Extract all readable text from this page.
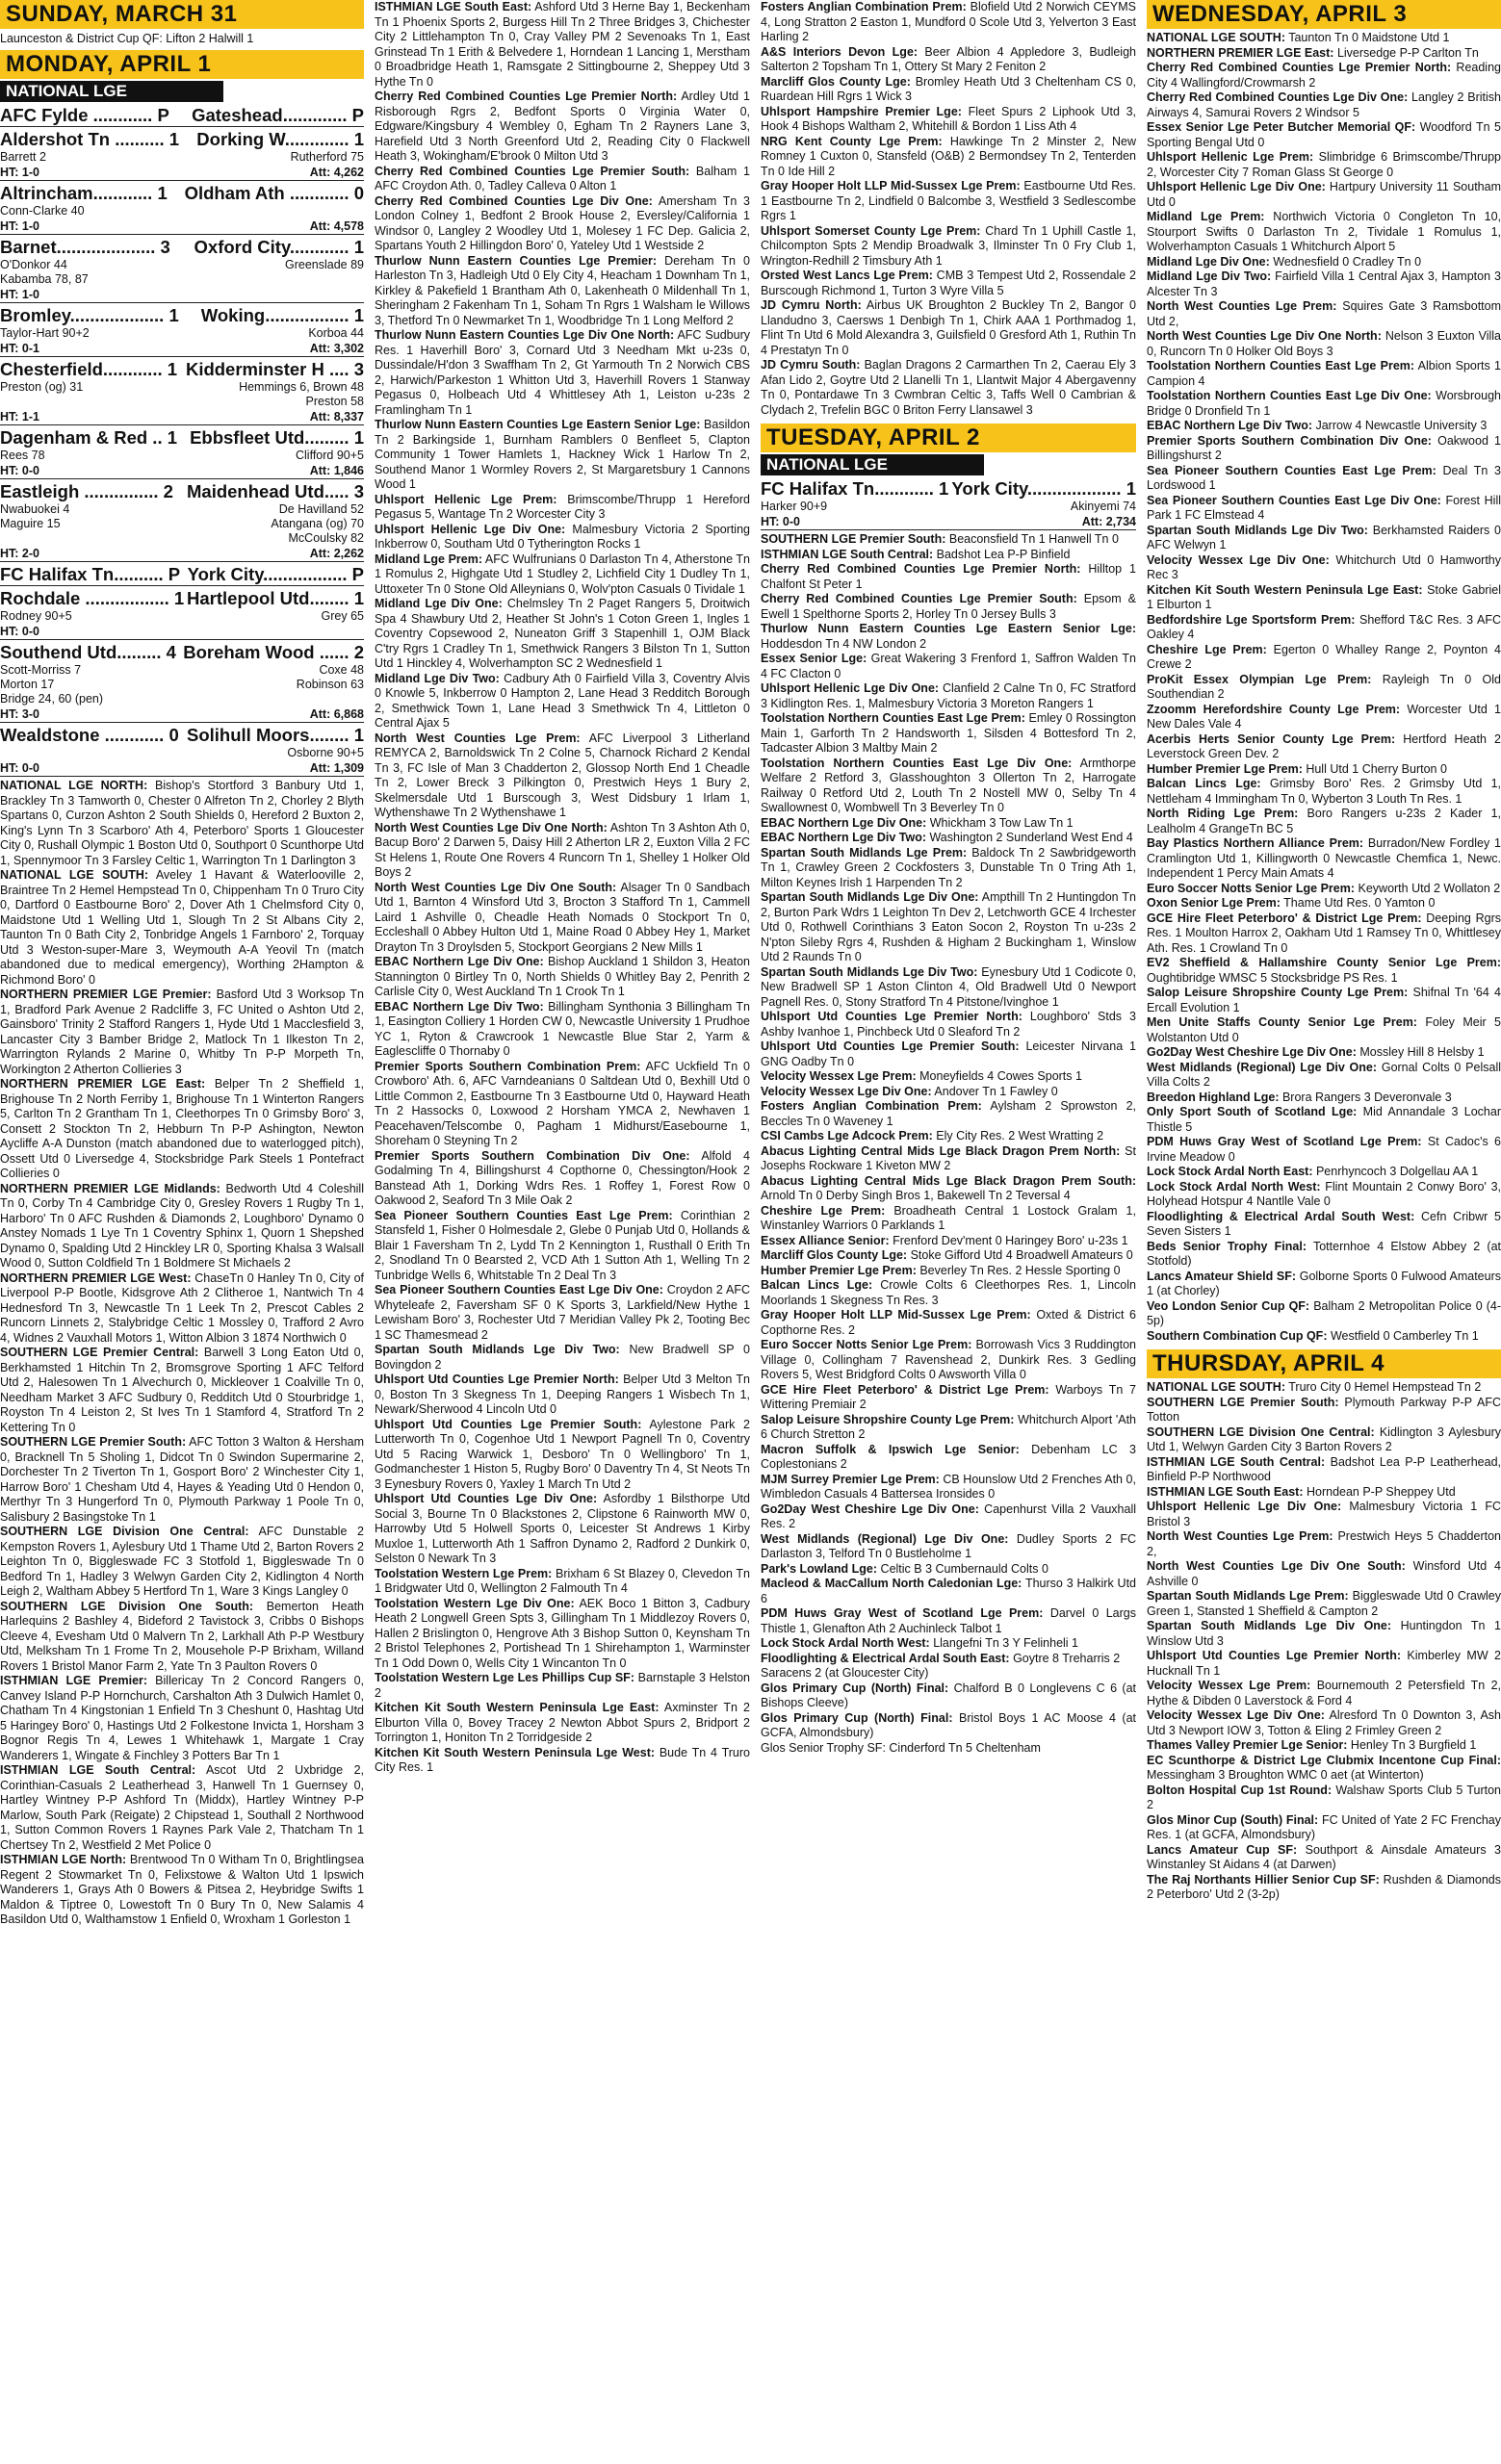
SUNDAY, MARCH 31
Launceston & District Cup QF: Lifton 2 Halwill 1
MONDAY, APRIL 1
NATIONAL LGE
AFC Fylde ............ P Gateshead............. P
Aldershot Tn .......... 1 Dorking W............. 1
Barrett 2	Rutherford 75
HT: 1-0	Att: 4,262
Altrincham............ 1 Oldham Ath ............ 0
Conn-Clarke 40
HT: 1-0	Att: 4,578
Barnet.................... 3 Oxford City............ 1
O'Donkor 44
Kabamba 78, 87
Greenslade 89
HT: 1-0
Bromley................... 1 Woking................. 1
Taylor-Hart 90+2	Korboa 44
HT: 0-1	Att: 3,302
Chesterfield............ 1 Kidderminster H .... 3
Preston (og) 31	Hemmings 6, Brown 48
Preston 58
HT: 1-1	Att: 8,337
Dagenham & Red .. 1 Ebbsfleet Utd......... 1
Rees 78	Clifford 90+5
HT: 0-0	Att: 1,846
Eastleigh ............... 2 Maidenhead Utd..... 3
Nwabuokei 4
Maguire 15
De Havilland 52
Atangana (og) 70
McCoulsky 82
HT: 2-0	Att: 2,262
FC Halifax Tn.......... P York City................. P
Rochdale ................. 1 Hartlepool Utd........ 1
Rodney 90+5	Grey 65
HT: 0-0
Southend Utd......... 4 Boreham Wood ...... 2
Scott-Morriss 7
Morton 17
Bridge 24, 60 (pen)
Coxe 48
Robinson 63
HT: 3-0	Att: 6,868
Wealdstone ............ 0 Solihull Moors........ 1
Osborne 90+5
HT: 0-0	Att: 1,309

NATIONAL LGE NORTH: Bishop's Stortford 3 Banbury Utd 1, Brackley Tn 3 Tamworth 0, Chester 0 Alfreton Tn 2, Chorley 2 Blyth Spartans 0, Curzon Ashton 2 South Shields 0, Hereford 2 Buxton 2, King's Lynn Tn 3 Scarboro' Ath 4, Peterboro' Sports 1 Gloucester City 0, Rushall Olympic 1 Boston Utd 0, Southport 0 Scunthorpe Utd 1, Spennymoor Tn 3 Farsley Celtic 1, Warrington Tn 1 Darlington 3

NATIONAL LGE SOUTH: Aveley 1 Havant & Waterlooville 2, Braintree Tn 2 Hemel Hempstead Tn 0, Chippenham Tn 0 Truro City 0, Dartford 0 Eastbourne Boro' 2, Dover Ath 1 Chelmsford City 0, Maidstone Utd 1 Welling Utd 1, Slough Tn 2 St Albans City 2, Taunton Tn 0 Bath City 2, Tonbridge Angels 1 Farnboro' 2, Torquay Utd 3 Weston-super-Mare 3, Weymouth A-A Yeovil Tn (match abandoned due to medical emergency), Worthing 2Hampton & Richmond Boro' 0

NORTHERN PREMIER LGE Premier: Basford Utd 3 Worksop Tn 1, Bradford Park Avenue 2 Radcliffe 3, FC United o Ashton Utd 2, Gainsboro' Trinity 2 Stafford Rangers 1, Hyde Utd 1 Macclesfield 3, Lancaster City 3 Bamber Bridge 2, Matlock Tn 1 Ilkeston Tn 2, Warrington Rylands 2 Marine 0, Whitby Tn P-P Morpeth Tn, Workington 2 Atherton Collieries 3

NORTHERN PREMIER LGE East: Belper Tn 2 Sheffield 1, Brighouse Tn 2 North Ferriby 1, Brighouse Tn 1 Winterton Rangers 5, Carlton Tn 2 Grantham Tn 1, Cleethorpes Tn 0 Grimsby Boro' 3, Consett 2 Stockton Tn 2, Hebburn Tn P-P Ashington, Newton Aycliffe A-A Dunston (match abandoned due to waterlogged pitch), Ossett Utd 0 Liversedge 4, Stocksbridge Park Steels 1 Pontefract Collieries 0

NORTHERN PREMIER LGE Midlands: Bedworth Utd 4 Coleshill Tn 0, Corby Tn 4 Cambridge City 0, Gresley Rovers 1 Rugby Tn 1, Harboro' Tn 0 AFC Rushden & Diamonds 2, Loughboro' Dynamo 0 Anstey Nomads 1 Lye Tn 1 Coventry Sphinx 1, Quorn 1 Shepshed Dynamo 0, Spalding Utd 2 Hinckley LR 0, Sporting Khalsa 3 Walsall Wood 0, Sutton Coldfield Tn 1 Boldmere St Michaels 2

NORTHERN PREMIER LGE West: ChaseTn 0 Hanley Tn 0, City of Liverpool P-P Bootle, Kidsgrove Ath 2 Clitheroe 1, Nantwich Tn 4 Hednesford Tn 3, Newcastle Tn 1 Leek Tn 2, Prescot Cables 2 Runcorn Linnets 2, Stalybridge Celtic 1 Mossley 0, Trafford 2 Avro 4, Widnes 2 Vauxhall Motors 1, Witton Albion 3 1874 Northwich 0

SOUTHERN LGE Premier Central: Barwell 3 Long Eaton Utd 0, Berkhamsted 1 Hitchin Tn 2, Bromsgrove Sporting 1 AFC Telford Utd 2, Halesowen Tn 1 Alvechurch 0, Mickleover 1 Coalville Tn 0, Needham Market 3 AFC Sudbury 0, Redditch Utd 0 Stourbridge 1, Royston Tn 4 Leiston 2, St Ives Tn 1 Stamford 4, Stratford Tn 2 Kettering Tn 0

SOUTHERN LGE Premier South: AFC Totton 3 Walton & Hersham 0, Bracknell Tn 5 Sholing 1, Didcot Tn 0 Swindon Supermarine 2, Dorchester Tn 2 Tiverton Tn 1, Gosport Boro' 2 Winchester City 1, Harrow Boro' 1 Chesham Utd 4, Hayes & Yeading Utd 0 Hendon 0, Merthyr Tn 3 Hungerford Tn 0, Plymouth Parkway 1 Poole Tn 0, Salisbury 2 Basingstoke Tn 1

SOUTHERN LGE Division One Central: AFC Dunstable 2 Kempston Rovers 1, Aylesbury Utd 1 Thame Utd 2, Barton Rovers 2 Leighton Tn 0, Biggleswade FC 3 Stotfold 1, Biggleswade Tn 0 Bedford Tn 1, Hadley 3 Welwyn Garden City 2, Kidlington 4 North Leigh 2, Waltham Abbey 5 Hertford Tn 1, Ware 3 Kings Langley 0

SOUTHERN LGE Division One South: Bemerton Heath Harlequins 2 Bashley 4, Bideford 2 Tavistock 3, Cribbs 0 Bishops Cleeve 4, Evesham Utd 0 Malvern Tn 2, Larkhall Ath P-P Westbury Utd, Melksham Tn 1 Frome Tn 2, Mousehole P-P Brixham, Willand Rovers 1 Bristol Manor Farm 2, Yate Tn 3 Paulton Rovers 0

ISTHMIAN LGE Premier: Billericay Tn 2 Concord Rangers 0, Canvey Island P-P Hornchurch, Carshalton Ath 3 Dulwich Hamlet 0, Chatham Tn 4 Kingstonian 1 Enfield Tn 3 Cheshunt 0, Hashtag Utd 5 Haringey Boro' 0, Hastings Utd 2 Folkestone Invicta 1, Horsham 3 Bognor Regis Tn 4, Lewes 1 Whitehawk 1, Margate 1 Cray Wanderers 1, Wingate & Finchley 3 Potters Bar Tn 1

ISTHMIAN LGE South Central: Ascot Utd 2 Uxbridge 2, Corinthian-Casuals 2 Leatherhead 3, Hanwell Tn 1 Guernsey 0, Hartley Wintney P-P Ashford Tn (Middx), Hartley Wintney P-P Marlow, South Park (Reigate) 2 Chipstead 1, Southall 2 Northwood 1, Sutton Common Rovers 1 Raynes Park Vale 2, Thatcham Tn 1 Chertsey Tn 2, Westfield 2 Met Police 0

ISTHMIAN LGE North: Brentwood Tn 0 Witham Tn 0, Brightlingsea Regent 2 Stowmarket Tn 0, Felixstowe & Walton Utd 1 Ipswich Wanderers 1, Grays Ath 0 Bowers & Pitsea 2, Heybridge Swifts 1 Maldon & Tiptree 0, Lowestoft Tn 0 Bury Tn 0, New Salamis 4 Basildon Utd 0, Walthamstow 1 Enfield 0, Wroxham 1 Gorleston 1

ISTHMIAN LGE South East: Ashford Utd 3 Herne Bay 1, Beckenham Tn 1 Phoenix Sports 2, Burgess Hill Tn 2 Three Bridges 3, Chichester City 2 Littlehampton Tn 0, Cray Valley PM 2 Sevenoaks Tn 1, East Grinstead Tn 1 Erith & Belvedere 1, Horndean 1 Lancing 1, Merstham 0 Broadbridge Heath 1, Ramsgate 2 Sittingbourne 2, Sheppey Utd 3 Hythe Tn 0

Cherry Red Combined Counties Lge Premier North: Ardley Utd 1 Risborough Rgrs 2, Bedfont Sports 0 Virginia Water 0, Edgware/Kingsbury 4 Wembley 0, Egham Tn 2 Rayners Lane 3, Harefield Utd 3 North Greenford Utd 2, Reading City 0 Flackwell Heath 3, Wokingham/E'brook 0 Milton Utd 3

Cherry Red Combined Counties Lge Premier South: Balham 1 AFC Croydon Ath. 0, Tadley Calleva 0 Alton 1

Cherry Red Combined Counties Lge Div One: Amersham Tn 3 London Colney 1, Bedfont 2 Brook House 2, Eversley/California 1 Windsor 0, Langley 2 Woodley Utd 1, Molesey 1 FC Dep. Galicia 2, Spartans Youth 2 Hillingdon Boro' 0, Yateley Utd 1 Westside 2

Thurlow Nunn Eastern Counties Lge Premier: Dereham Tn 0 Harleston Tn 3, Hadleigh Utd 0 Ely City 4, Heacham 1 Downham Tn 1, Kirkley & Pakefield 1 Brantham Ath 0, Lakenheath 0 Mildenhall Tn 1, Sheringham 2 Fakenham Tn 1, Soham Tn Rgrs 1 Walsham le Willows 3, Thetford Tn 0 Newmarket Tn 1, Woodbridge Tn 1 Long Melford 2

Thurlow Nunn Eastern Counties Lge Div One North: AFC Sudbury Res. 1 Haverhill Boro' 3, Cornard Utd 3 Needham Mkt u-23s 0, Dussindale/H'don 3 Swaffham Tn 2, Gt Yarmouth Tn 2 Norwich CBS 2, Harwich/Parkeston 1 Whitton Utd 3, Haverhill Rovers 1 Stanway Pegasus 0, Holbeach Utd 4 Whittlesey Ath 1, Leiston u-23s 2 Framlingham Tn 1

Thurlow Nunn Eastern Counties Lge Eastern Senior Lge: Basildon Tn 2 Barkingside 1, Burnham Ramblers 0 Benfleet 5, Clapton Community 1 Tower Hamlets 1, Hackney Wick 1 Harlow Tn 2, Southend Manor 1 Wormley Rovers 2, St Margaretsbury 1 Cannons Wood 1

Uhlsport Hellenic Lge Prem: Brimscombe/Thrupp 1 Hereford Pegasus 5, Wantage Tn 2 Worcester City 3

Uhlsport Hellenic Lge Div One: Malmesbury Victoria 2 Sporting Inkberrow 0, Southam Utd 0 Tytherington Rocks 1

Midland Lge Prem: AFC Wulfrunians 0 Darlaston Tn 4, Atherstone Tn 1 Romulus 2, Highgate Utd 1 Studley 2, Lichfield City 1 Dudley Tn 1, Uttoxeter Tn 0 Stone Old Alleynians 0, Wolv'pton Casuals 0 Tividale 1

Midland Lge Div One: Chelmsley Tn 2 Paget Rangers 5, Droitwich Spa 4 Shawbury Utd 2, Heather St John's 1 Coton Green 1, Ingles 1 Coventry Copsewood 2, Nuneaton Griff 3 Stapenhill 1, OJM Black C'try Rgrs 1 Cradley Tn 1, Smethwick Rangers 3 Bilston Tn 1, Sutton Utd 1 Hinckley 4, Wolverhampton SC 2 Wednesfield 1

Midland Lge Div Two: Cadbury Ath 0 Fairfield Villa 3, Coventry Alvis 0 Knowle 5, Inkberrow 0 Hampton 2, Lane Head 3 Redditch Borough 2, Smethwick Town 1, Lane Head 3 Smethwick Tn 4, Littleton 0 Central Ajax 5

North West Counties Lge Prem: AFC Liverpool 3 Litherland REMYCA 2, Barnoldswick Tn 2 Colne 5, Charnock Richard 2 Kendal Tn 3, FC Isle of Man 3 Chadderton 2, Glossop North End 1 Cheadle Tn 2, Lower Breck 3 Pilkington 0, Prestwich Heys 1 Bury 2, Skelmersdale Utd 1 Burscough 3, West Didsbury 1 Irlam 1, Wythenshawe Tn 2 Wythenshawe 1

North West Counties Lge Div One North: Ashton Tn 3 Ashton Ath 0, Bacup Boro' 2 Darwen 5, Daisy Hill 2 Atherton LR 2, Euxton Villa 2 FC St Helens 1, Route One Rovers 4 Runcorn Tn 1, Shelley 1 Holker Old Boys 2

North West Counties Lge Div One South: Alsager Tn 0 Sandbach Utd 1, Barnton 4 Winsford Utd 3, Brocton 3 Stafford Tn 1, Cammell Laird 1 Ashville 0, Cheadle Heath Nomads 0 Stockport Tn 0, Eccleshall 0 Abbey Hulton Utd 1, Maine Road 0 Abbey Hey 1, Market Drayton Tn 3 Droylsden 5, Stockport Georgians 2 New Mills 1

EBAC Northern Lge Div One: Bishop Auckland 1 Shildon 3, Heaton Stannington 0 Birtley Tn 0, North Shields 0 Whitley Bay 2, Penrith 2 Carlisle City 0, West Auckland Tn 1 Crook Tn 1

EBAC Northern Lge Div Two: Billingham Synthonia 3 Billingham Tn 1, Easington Colliery 1 Horden CW 0, Newcastle University 1 Prudhoe YC 1, Ryton & Crawcrook 1 Newcastle Blue Star 2, Yarm & Eaglescliffe 0 Thornaby 0

Premier Sports Southern Combination Prem: AFC Uckfield Tn 0 Crowboro' Ath. 6, AFC Varndeanians 0 Saltdean Utd 0, Bexhill Utd 0 Little Common 2, Eastbourne Tn 3 Eastbourne Utd 0, Hayward Heath Tn 2 Hassocks 0, Loxwood 2 Horsham YMCA 2, Newhaven 1 Peacehaven/Telscombe 0, Pagham 1 Midhurst/Easebourne 1, Shoreham 0 Steyning Tn 2

Premier Sports Southern Combination Div One: Alfold 4 Godalming Tn 4, Billingshurst 4 Copthorne 0, Chessington/Hook 2 Banstead Ath 1, Dorking Wdrs Res. 1 Roffey 1, Forest Row 0 Oakwood 2, Seaford Tn 3 Mile Oak 2

Sea Pioneer Southern Counties East Lge Prem: Corinthian 2 Stansfeld 1, Fisher 0 Holmesdale 2, Glebe 0 Punjab Utd 0, Hollands & Blair 1 Faversham Tn 2, Lydd Tn 2 Kennington 1, Rusthall 0 Erith Tn 2, Snodland Tn 0 Bearsted 2, VCD Ath 1 Sutton Ath 1, Welling Tn 2 Tunbridge Wells 6, Whitstable Tn 2 Deal Tn 3

Sea Pioneer Southern Counties East Lge Div One: Croydon 2 AFC Whyteleafe 2, Faversham SF 0 K Sports 3, Larkfield/New Hythe 1 Lewisham Boro' 3, Rochester Utd 7 Meridian Valley Pk 2, Tooting Bec 1 SC Thamesmead 2

Spartan South Midlands Lge Div Two: New Bradwell SP 0 Bovingdon 2

Uhlsport Utd Counties Lge Premier North: Belper Utd 3 Melton Tn 0, Boston Tn 3 Skegness Tn 1, Deeping Rangers 1 Wisbech Tn 1, Newark/Sherwood 4 Lincoln Utd 0

Uhlsport Utd Counties Lge Premier South: Aylestone Park 2 Lutterworth Tn 0, Cogenhoe Utd 1 Newport Pagnell Tn 0, Coventry Utd 5 Racing Warwick 1, Desboro' Tn 0 Wellingboro' Tn 1, Godmanchester 1 Histon 5, Rugby Boro' 0 Daventry Tn 4, St Neots Tn 3 Eynesbury Rovers 0, Yaxley 1 March Tn Utd 2

Uhlsport Utd Counties Lge Div One: Asfordby 1 Bilsthorpe Utd Social 3, Bourne Tn 0 Blackstones 2, Clipstone 6 Rainworth MW 0, Harrowby Utd 5 Holwell Sports 0, Leicester St Andrews 1 Kirby Muxloe 1, Lutterworth Ath 1 Saffron Dynamo 2, Radford 2 Dunkirk 0, Selston 0 Newark Tn 3

Toolstation Western Lge Prem: Brixham 6 St Blazey 0, Clevedon Tn 1 Bridgwater Utd 0, Wellington 2 Falmouth Tn 4

Toolstation Western Lge Div One: AEK Boco 1 Bitton 3, Cadbury Heath 2 Longwell Green Spts 3, Gillingham Tn 1 Middlezoy Rovers 0, Hallen 2 Brislington 0, Hengrove Ath 3 Bishop Sutton 0, Keynsham Tn 2 Bristol Telephones 2, Portishead Tn 1 Shirehampton 1, Warminster Tn 1 Odd Down 0, Wells City 1 Wincanton Tn 0

Toolstation Western Lge Les Phillips Cup SF: Barnstaple 3 Helston 2

Kitchen Kit South Western Peninsula Lge East: Axminster Tn 2 Elburton Villa 0, Bovey Tracey 2 Newton Abbot Spurs 2, Bridport 2 Torrington 1, Honiton Tn 2 Torridgeside 2

Kitchen Kit South Western Peninsula Lge West: Bude Tn 4 Truro City Res. 1

Fosters Anglian Combination Prem: Blofield Utd 2 Norwich CEYMS 4, Long Stratton 2 Easton 1, Mundford 0 Scole Utd 3, Yelverton 3 East Harling 2

A&S Interiors Devon Lge: Beer Albion 4 Appledore 3, Budleigh Salterton 2 Topsham Tn 1, Ottery St Mary 2 Feniton 2

Marcliff Glos County Lge: Bromley Heath Utd 3 Cheltenham CS 0, Ruardean Hill Rgrs 1 Wick 3

Uhlsport Hampshire Premier Lge: Fleet Spurs 2 Liphook Utd 3, Hook 4 Bishops Waltham 2, Whitehill & Bordon 1 Liss Ath 4

NRG Kent County Lge Prem: Hawkinge Tn 2 Minster 2, New Romney 1 Cuxton 0, Stansfeld (O&B) 2 Bermondsey Tn 2, Tenterden Tn 0 Ide Hill 2

Gray Hooper Holt LLP Mid-Sussex Lge Prem: Eastbourne Utd Res. 1 Eastbourne Tn 2, Lindfield 0 Balcombe 3, Westfield 3 Sedlescombe Rgrs 1

Uhlsport Somerset County Lge Prem: Chard Tn 1 Uphill Castle 1, Chilcompton Spts 2 Mendip Broadwalk 3, Ilminster Tn 0 Fry Club 1, Wrington-Redhill 2 Timsbury Ath 1

Orsted West Lancs Lge Prem: CMB 3 Tempest Utd 2, Rossendale 2 Burscough Richmond 1, Turton 3 Wyre Villa 5

JD Cymru North: Airbus UK Broughton 2 Buckley Tn 2, Bangor 0 Llandudno 3, Caersws 1 Denbigh Tn 1, Chirk AAA 1 Porthmadog 1, Flint Tn Utd 6 Mold Alexandra 3, Guilsfield 0 Gresford Ath 1, Ruthin Tn 4 Prestatyn Tn 0

JD Cymru South: Baglan Dragons 2 Carmarthen Tn 2, Caerau Ely 3 Afan Lido 2, Goytre Utd 2 Llanelli Tn 1, Llantwit Major 4 Abergavenny Tn 0, Pontardawe Tn 3 Cwmbran Celtic 3, Taffs Well 0 Cambrian & Clydach 2, Trefelin BGC 0 Briton Ferry Llansawel 3

TUESDAY, APRIL 2
NATIONAL LGE
FC Halifax Tn............ 1 York City................... 1
Harker 90+9	Akinyemi 74
HT: 0-0	Att: 2,734

SOUTHERN LGE Premier South: Beaconsfield Tn 1 Hanwell Tn 0

ISTHMIAN LGE South Central: Badshot Lea P-P Binfield

Cherry Red Combined Counties Lge Premier North: Hilltop 1 Chalfont St Peter 1

Cherry Red Combined Counties Lge Premier South: Epsom & Ewell 1 Spelthorne Sports 2, Horley Tn 0 Jersey Bulls 3

Thurlow Nunn Eastern Counties Lge Eastern Senior Lge: Hoddesdon Tn 4 NW London 2

Essex Senior Lge: Great Wakering 3 Frenford 1, Saffron Walden Tn 4 FC Clacton 0

Uhlsport Hellenic Lge Div One: Clanfield 2 Calne Tn 0, FC Stratford 3 Kidlington Res. 1, Malmesbury Victoria 3 Moreton Rangers 1

Toolstation Northern Counties East Lge Prem: Emley 0 Rossington Main 1, Garforth Tn 2 Handsworth 1, Silsden 4 Bottesford Tn 2, Tadcaster Albion 3 Maltby Main 2

Toolstation Northern Counties East Lge Div One: Armthorpe Welfare 2 Retford 3, Glasshoughton 3 Ollerton Tn 2, Harrogate Railway 0 Retford Utd 2, Louth Tn 2 Nostell MW 0, Selby Tn 4 Swallownest 0, Wombwell Tn 3 Beverley Tn 0

EBAC Northern Lge Div One: Whickham 3 Tow Law Tn 1

EBAC Northern Lge Div Two: Washington 2 Sunderland West End 4

Spartan South Midlands Lge Prem: Baldock Tn 2 Sawbridgeworth Tn 1, Crawley Green 2 Cockfosters 3, Dunstable Tn 0 Tring Ath 1, Milton Keynes Irish 1 Harpenden Tn 2

Spartan South Midlands Lge Div One: Ampthill Tn 2 Huntingdon Tn 2, Burton Park Wdrs 1 Leighton Tn Dev 2, Letchworth GCE 4 Irchester Utd 0, Rothwell Corinthians 3 Eaton Socon 2, Royston Tn u-23s 2 N'pton Sileby Rgrs 4, Rushden & Higham 2 Buckingham 1, Winslow Utd 2 Raunds Tn 0

Spartan South Midlands Lge Div Two: Eynesbury Utd 1 Codicote 0, New Bradwell SP 1 Aston Clinton 4, Old Bradwell Utd 0 Newport Pagnell Res. 0, Stony Stratford Tn 4 Pitstone/Ivinghoe 1

Uhlsport Utd Counties Lge Premier North: Loughboro' Stds 3 Ashby Ivanhoe 1, Pinchbeck Utd 0 Sleaford Tn 2

Uhlsport Utd Counties Lge Premier South: Leicester Nirvana 1 GNG Oadby Tn 0

Velocity Wessex Lge Prem: Moneyfields 4 Cowes Sports 1

Velocity Wessex Lge Div One: Andover Tn 1 Fawley 0

Fosters Anglian Combination Prem: Aylsham 2 Sprowston 2, Beccles Tn 0 Waveney 1

CSI Cambs Lge Adcock Prem: Ely City Res. 2 West Wratting 2

Abacus Lighting Central Mids Lge Black Dragon Prem North: St Josephs Rockware 1 Kiveton MW 2

Abacus Lighting Central Mids Lge Black Dragon Prem South: Arnold Tn 0 Derby Singh Bros 1, Bakewell Tn 2 Teversal 4

Cheshire Lge Prem: Broadheath Central 1 Lostock Gralam 1, Winstanley Warriors 0 Parklands 1

Essex Alliance Senior: Frenford Dev'ment 0 Haringey Boro' u-23s 1

Marcliff Glos County Lge: Stoke Gifford Utd 4 Broadwell Amateurs 0

Humber Premier Lge Prem: Beverley Tn Res. 2 Hessle Sporting 0

Balcan Lincs Lge: Crowle Colts 6 Cleethorpes Res. 1, Lincoln Moorlands 1 Skegness Tn Res. 3

Gray Hooper Holt LLP Mid-Sussex Lge Prem: Oxted & District 6 Copthorne Res. 2

Euro Soccer Notts Senior Lge Prem: Borrowash Vics 3 Ruddington Village 0, Collingham 7 Ravenshead 2, Dunkirk Res. 3 Gedling Rovers 5, West Bridgford Colts 0 Awsworth Villa 0

GCE Hire Fleet Peterboro' & District Lge Prem: Warboys Tn 7 Wittering Premiair 2

Salop Leisure Shropshire County Lge Prem: Whitchurch Alport 'Ath 6 Church Stretton 2

Macron Suffolk & Ipswich Lge Senior: Debenham LC 3 Coplestonians 2

MJM Surrey Premier Lge Prem: CB Hounslow Utd 2 Frenches Ath 0, Wimbledon Casuals 4 Battersea Ironsides 0

Go2Day West Cheshire Lge Div One: Capenhurst Villa 2 Vauxhall Res. 2

West Midlands (Regional) Lge Div One: Dudley Sports 2 FC Darlaston 3, Telford Tn 0 Bustleholme 1

Park's Lowland Lge: Celtic B 3 Cumbernauld Colts 0

Macleod & MacCallum North Caledonian Lge: Thurso 3 Halkirk Utd 6

PDM Huws Gray West of Scotland Lge Prem: Darvel 0 Largs Thistle 1, Glenafton Ath 2 Auchinleck Talbot 1

Lock Stock Ardal North West: Llangefni Tn 3 Y Felinheli 1

Floodlighting & Electrical Ardal South East: Goytre 8 Treharris 2

Saracens 2 (at Gloucester City)

Glos Primary Cup (North) Final: Chalford B 0 Longlevens C 6 (at Bishops Cleeve)

Glos Primary Cup (North) Final: Bristol Boys 1 AC Moose 4 (at GCFA, Almondsbury)

Glos Senior Trophy SF: Cinderford Tn 5 Cheltenham
WEDNESDAY, APRIL 3

NATIONAL LGE SOUTH: Taunton Tn 0 Maidstone Utd 1

NORTHERN PREMIER LGE East: Liversedge P-P Carlton Tn

Cherry Red Combined Counties Lge Premier North: Reading City 4 Wallingford/Crowmarsh 2

Cherry Red Combined Counties Lge Div One: Langley 2 British Airways 4, Samurai Rovers 2 Windsor 5

Essex Senior Lge Peter Butcher Memorial QF: Woodford Tn 5 Sporting Bengal Utd 0

Uhlsport Hellenic Lge Prem: Slimbridge 6 Brimscombe/Thrupp 2, Worcester City 7 Roman Glass St George 0

Uhlsport Hellenic Lge Div One: Hartpury University 11 Southam Utd 0

Midland Lge Prem: Northwich Victoria 0 Congleton Tn 10, Stourport Swifts 0 Darlaston Tn 2, Tividale 1 Romulus 1, Wolverhampton Casuals 1 Whitchurch Alport 5

Midland Lge Div One: Wednesfield 0 Cradley Tn 0

Midland Lge Div Two: Fairfield Villa 1 Central Ajax 3, Hampton 3 Alcester Tn 3

North West Counties Lge Prem: Squires Gate 3 Ramsbottom Utd 2,

North West Counties Lge Div One North: Nelson 3 Euxton Villa 0, Runcorn Tn 0 Holker Old Boys 3

Toolstation Northern Counties East Lge Prem: Albion Sports 1 Campion 4

Toolstation Northern Counties East Lge Div One: Worsbrough Bridge 0 Dronfield Tn 1

EBAC Northern Lge Div Two: Jarrow 4 Newcastle University 3

Premier Sports Southern Combination Div One: Oakwood 1 Billingshurst 2

Sea Pioneer Southern Counties East Lge Prem: Deal Tn 3 Lordswood 1

Sea Pioneer Southern Counties East Lge Div One: Forest Hill Park 1 FC Elmstead 4

Spartan South Midlands Lge Div Two: Berkhamsted Raiders 0 AFC Welwyn 1

Velocity Wessex Lge Div One: Whitchurch Utd 0 Hamworthy Rec 3

Kitchen Kit South Western Peninsula Lge East: Stoke Gabriel 1 Elburton 1

Bedfordshire Lge Sportsform Prem: Shefford T&C Res. 3 AFC Oakley 4

Cheshire Lge Prem: Egerton 0 Whalley Range 2, Poynton 4 Crewe 2

ProKit Essex Olympian Lge Prem: Rayleigh Tn 0 Old Southendian 2

Zzoomm Herefordshire County Lge Prem: Worcester Utd 1 New Dales Vale 4

Acerbis Herts Senior County Lge Prem: Hertford Heath 2 Leverstock Green Dev. 2

Humber Premier Lge Prem: Hull Utd 1 Cherry Burton 0

Balcan Lincs Lge: Grimsby Boro' Res. 2 Grimsby Utd 1, Nettleham 4 Immingham Tn 0, Wyberton 3 Louth Tn Res. 1

North Riding Lge Prem: Boro Rangers u-23s 2 Kader 1, Lealholm 4 GrangeTn BC 5

Bay Plastics Northern Alliance Prem: Burradon/New Fordley 1 Cramlington Utd 1, Killingworth 0 Newcastle Chemfica 1, Newc. Independent 1 Percy Main Amats 4

Euro Soccer Notts Senior Lge Prem: Keyworth Utd 2 Wollaton 2

Oxon Senior Lge Prem: Thame Utd Res. 0 Yamton 0

GCE Hire Fleet Peterboro' & District Lge Prem: Deeping Rgrs Res. 1 Moulton Harrox 2, Oakham Utd 1 Ramsey Tn 0, Whittlesey Ath. Res. 1 Crowland Tn 0

EV2 Sheffield & Hallamshire County Senior Lge Prem: Oughtibridge WMSC 5 Stocksbridge PS Res. 1

Salop Leisure Shropshire County Lge Prem: Shifnal Tn '64 4 Ercall Evolution 1

Men Unite Staffs County Senior Lge Prem: Foley Meir 5 Wolstanton Utd 0

Go2Day West Cheshire Lge Div One: Mossley Hill 8 Helsby 1

West Midlands (Regional) Lge Div One: Gornal Colts 0 Pelsall Villa Colts 2

Breedon Highland Lge: Brora Rangers 3 Deveronvale 3

Only Sport South of Scotland Lge: Mid Annandale 3 Lochar Thistle 5

PDM Huws Gray West of Scotland Lge Prem: St Cadoc's 6 Irvine Meadow 0

Lock Stock Ardal North East: Penrhyncoch 3 Dolgellau AA 1

Lock Stock Ardal North West: Flint Mountain 2 Conwy Boro' 3, Holyhead Hotspur 4 Nantlle Vale 0

Floodlighting & Electrical Ardal South West: Cefn Cribwr 5 Seven Sisters 1

Beds Senior Trophy Final: Totternhoe 4 Elstow Abbey 2 (at Stotfold)

Lancs Amateur Shield SF: Golborne Sports 0 Fulwood Amateurs 1 (at Chorley)

Veo London Senior Cup QF: Balham 2 Metropolitan Police 0 (4-5p)

Southern Combination Cup QF: Westfield 0 Camberley Tn 1

THURSDAY, APRIL 4

NATIONAL LGE SOUTH: Truro City 0 Hemel Hempstead Tn 2

SOUTHERN LGE Premier South: Plymouth Parkway P-P AFC Totton

SOUTHERN LGE Division One Central: Kidlington 3 Aylesbury Utd 1, Welwyn Garden City 3 Barton Rovers 2

ISTHMIAN LGE South Central: Badshot Lea P-P Leatherhead, Binfield P-P Northwood

ISTHMIAN LGE South East: Horndean P-P Sheppey Utd

Uhlsport Hellenic Lge Div One: Malmesbury Victoria 1 FC Bristol 3

North West Counties Lge Prem: Prestwich Heys 5 Chadderton 2,

North West Counties Lge Div One South: Winsford Utd 4 Ashville 0

Spartan South Midlands Lge Prem: Biggleswade Utd 0 Crawley Green 1, Stansted 1 Sheffield & Campton 2

Spartan South Midlands Lge Div One: Huntingdon Tn 1 Winslow Utd 3

Uhlsport Utd Counties Lge Premier North: Kimberley MW 2 Hucknall Tn 1

Velocity Wessex Lge Prem: Bournemouth 2 Petersfield Tn 2, Hythe & Dibden 0 Laverstock & Ford 4

Velocity Wessex Lge Div One: Alresford Tn 0 Downton 3, Ash Utd 3 Newport IOW 3, Totton & Eling 2 Frimley Green 2

Thames Valley Premier Lge Senior: Henley Tn 3 Burgfield 1

EC Scunthorpe & District Lge Clubmix Incentone Cup Final: Messingham 3 Broughton WMC 0 aet (at Winterton)

Bolton Hospital Cup 1st Round: Walshaw Sports Club 5 Turton 2

Glos Minor Cup (South) Final: FC United of Yate 2 FC Frenchay Res. 1 (at GCFA, Almondsbury)

Lancs Amateur Cup SF: Southport & Ainsdale Amateurs 3 Winstanley St Aidans 4 (at Darwen)

The Raj Northants Hillier Senior Cup SF: Rushden & Diamonds 2 Peterboro' Utd 2 (3-2p)
